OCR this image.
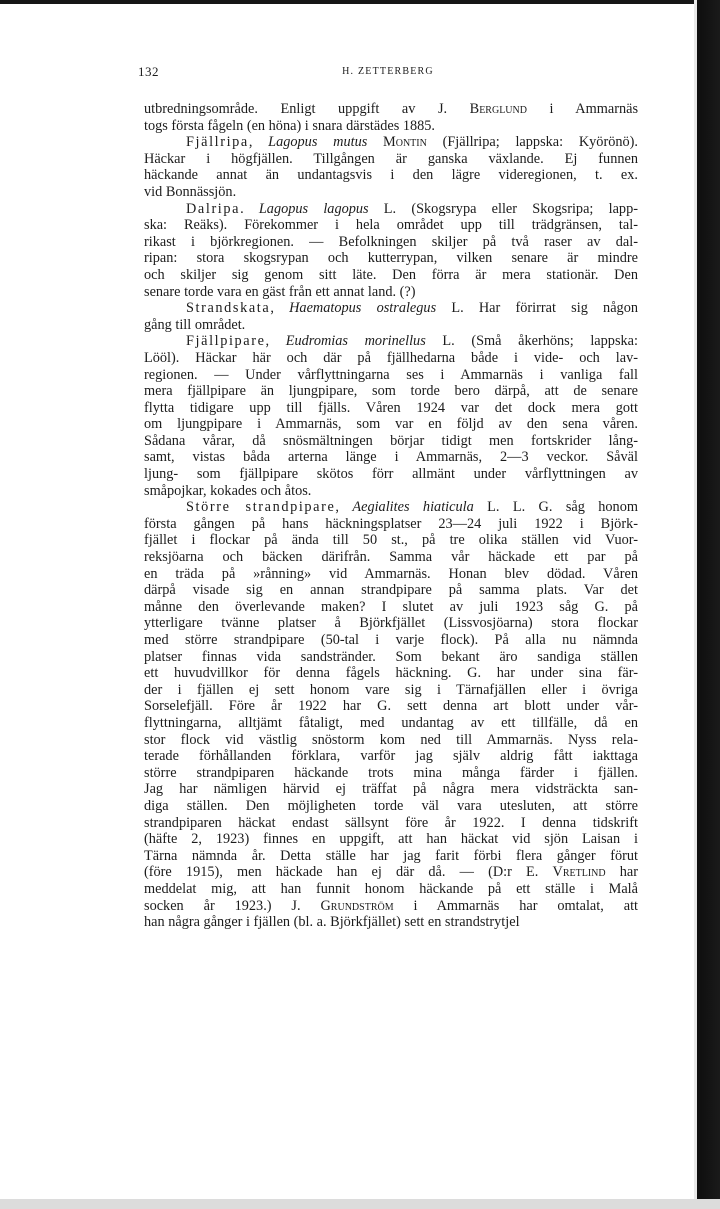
132	H. ZETTERBERG
utbredningsområde. Enligt uppgift av J. Berglund i Ammarnäs
togs första fågeln (en höna) i snara därstädes 1885.
Fjällripa, Lagopus mutus Montin (Fjällripa; lappska: Kyörönö).
Häckar i högfjällen. Tillgången är ganska växlande. Ej funnen
häckande annat än undantagsvis i den lägre videregionen, t. ex.
vid Bonnässjön.
Dalripa. Lagopus lagopus L. (Skogsrypa eller Skogsripa; lapp-
ska: Reäks). Förekommer i hela området upp till trädgränsen, tal-
rikast i björkregionen. — Befolkningen skiljer på två raser av dal-
ripan: stora skogsrypan och kutterrypan, vilken senare är mindre
och skiljer sig genom sitt läte. Den förra är mera stationär. Den
senare torde vara en gäst från ett annat land. (?)
Strandskata, Haematopus ostralegus L. Har förirrat sig någon
gång till området.
Fjällpipare, Eudromias morinellus L. (Små åkerhöns; lappska:
Lööl). Häckar här och där på fjällhedarna både i vide- och lav-
regionen. — Under vårflyttningarna ses i Ammarnäs i vanliga fall
mera fjällpipare än ljungpipare, som torde bero därpå, att de senare
flytta tidigare upp till fjälls. Våren 1924 var det dock mera gott
om ljungpipare i Ammarnäs, som var en följd av den sena våren.
Sådana vårar, då snösmältningen börjar tidigt men fortskrider lång-
samt, vistas båda arterna länge i Ammarnäs, 2—3 veckor. Såväl
ljung- som fjällpipare skötos förr allmänt under vårflyttningen av
småpojkar, kokades och åtos.
Större strandpipare, Aegialites hiaticula L. L. G. såg honom
första gången på hans häckningsplatser 23—24 juli 1922 i Björk-
fjället i flockar på ända till 50 st., på tre olika ställen vid Vuor-
reksjöarna och bäcken därifrån. Samma vår häckade ett par på
en träda på »rånning» vid Ammarnäs. Honan blev dödad. Våren
därpå visade sig en annan strandpipare på samma plats. Var det
månne den överlevande maken? I slutet av juli 1923 såg G. på
ytterligare tvänne platser å Björkfjället (Lissvosjöarna) stora flockar
med större strandpipare (50-tal i varje flock). På alla nu nämnda
platser finnas vida sandstränder. Som bekant äro sandiga ställen
ett huvudvillkor för denna fågels häckning. G. har under sina fär-
der i fjällen ej sett honom vare sig i Tärnafjällen eller i övriga
Sorselefjäll. Före år 1922 har G. sett denna art blott under vår-
flyttningarna, alltjämt fåtaligt, med undantag av ett tillfälle, då en
stor flock vid västlig snöstorm kom ned till Ammarnäs. Nyss rela-
terade förhållanden förklara, varför jag själv aldrig fått iakttaga
större strandpiparen häckande trots mina många färder i fjällen.
Jag har nämligen härvid ej träffat på några mera vidsträckta san-
diga ställen. Den möjligheten torde väl vara utesluten, att större
strandpiparen häckat endast sällsynt före år 1922. I denna tidskrift
(häfte 2, 1923) finnes en uppgift, att han häckat vid sjön Laisan i
Tärna nämnda år. Detta ställe har jag farit förbi flera gånger förut
(före 1915), men häckade han ej där då. — (D:r E. Vretlind har
meddelat mig, att han funnit honom häckande på ett ställe i Malå
socken år 1923.) J. Grundström i Ammarnäs har omtalat, att
han några gånger i fjällen (bl. a. Björkfjället) sett en strandstrytjel
